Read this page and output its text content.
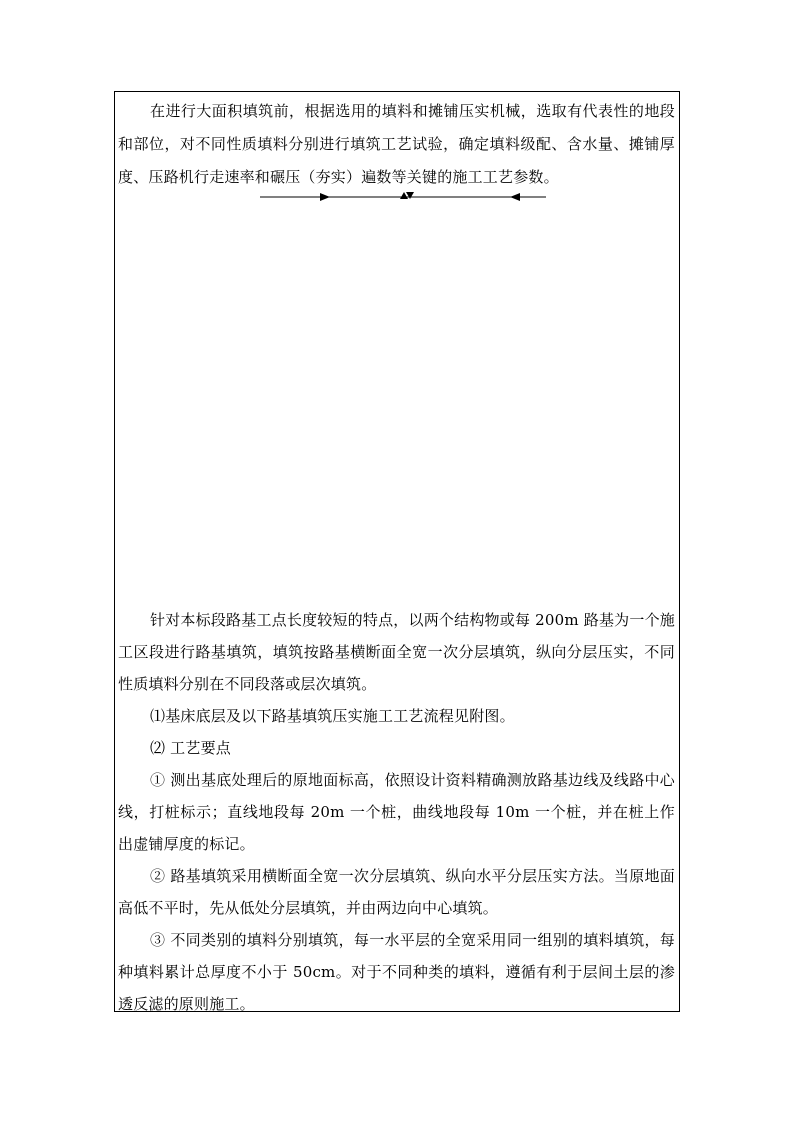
在进行大面积填筑前，根据选用的填料和摊铺压实机械，选取有代表性的地段和部位，对不同性质填料分别进行填筑工艺试验，确定填料级配、含水量、摊铺厚度、压路机行走速率和碾压（夯实）遍数等关键的施工工艺参数。

针对本标段路基工点长度较短的特点，以两个结构物或每 200m 路基为一个施工区段进行路基填筑，填筑按路基横断面全宽一次分层填筑，纵向分层压实，不同性质填料分别在不同段落或层次填筑。

⑴基床底层及以下路基填筑压实施工工艺流程见附图。

⑵ 工艺要点

① 测出基底处理后的原地面标高，依照设计资料精确测放路基边线及线路中心线，打桩标示；直线地段每 20m 一个桩，曲线地段每 10m 一个桩，并在桩上作出虚铺厚度的标记。

② 路基填筑采用横断面全宽一次分层填筑、纵向水平分层压实方法。当原地面高低不平时，先从低处分层填筑，并由两边向中心填筑。

③ 不同类别的填料分别填筑，每一水平层的全宽采用同一组别的填料填筑，每种填料累计总厚度不小于 50cm。对于不同种类的填料，遵循有利于层间土层的渗透反滤的原则施工。
